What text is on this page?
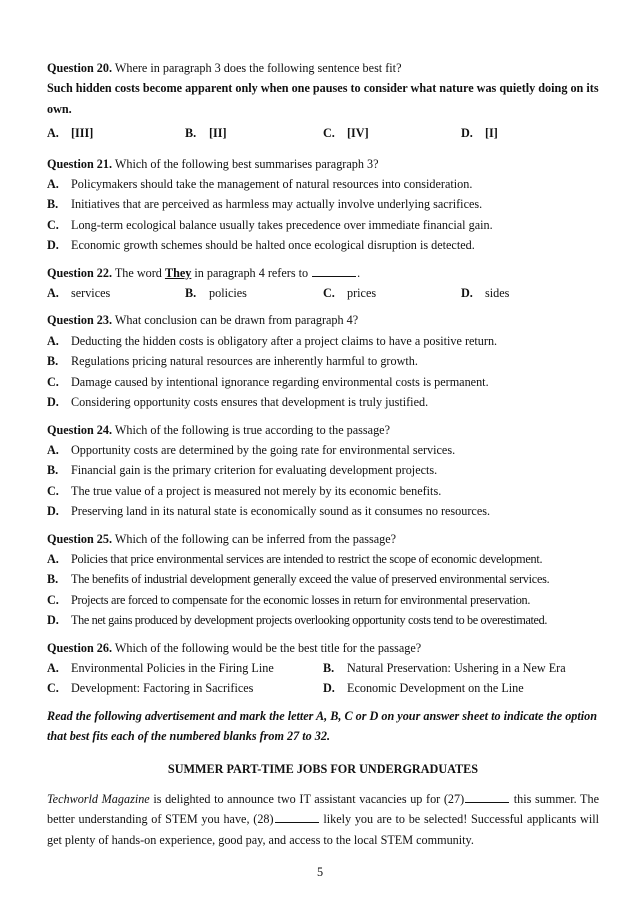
Question 20. Where in paragraph 3 does the following sentence best fit?
Such hidden costs become apparent only when one pauses to consider what nature was quietly doing on its own.
A. [III]	B.	[II]	C. [IV]	D. [I]
Question 21. Which of the following best summarises paragraph 3?
A. Policymakers should take the management of natural resources into consideration.
B.	Initiatives that are perceived as harmless may actually involve underlying sacrifices.
C. Long-term ecological balance usually takes precedence over immediate financial gain.
D. Economic growth schemes should be halted once ecological disruption is detected.
Question 22. The word They in paragraph 4 refers to	.
A. services	B.	policies	C. prices	D. sides
Question 23. What conclusion can be drawn from paragraph 4?
A. Deducting the hidden costs is obligatory after a project claims to have a positive return.
B.	Regulations pricing natural resources are inherently harmful to growth.
C. Damage caused by intentional ignorance regarding environmental costs is permanent.
D. Considering opportunity costs ensures that development is truly justified.
Question 24. Which of the following is true according to the passage?
A. Opportunity costs are determined by the going rate for environmental services.
B.	Financial gain is the primary criterion for evaluating development projects.
C. The true value of a project is measured not merely by its economic benefits.
D. Preserving land in its natural state is economically sound as it consumes no resources.
Question 25. Which of the following can be inferred from the passage?
A. Policies that price environmental services are intended to restrict the scope of economic development.
B.	The benefits of industrial development generally exceed the value of preserved environmental services.
C. Projects are forced to compensate for the economic losses in return for environmental preservation.
D. The net gains produced by development projects overlooking opportunity costs tend to be overestimated.
Question 26. Which of the following would be the best title for the passage?
A. Environmental Policies in the Firing Line	B.	Natural Preservation: Ushering in a New Era
C. Development: Factoring in Sacrifices	D. Economic Development on the Line
Read the following advertisement and mark the letter A, B, C or D on your answer sheet to indicate the option that best fits each of the numbered blanks from 27 to 32.
SUMMER PART-TIME JOBS FOR UNDERGRADUATES
Techworld Magazine is delighted to announce two IT assistant vacancies up for (27)	this summer. The better understanding of STEM you have, (28)	likely you are to be selected! Successful applicants will get plenty of hands-on experience, good pay, and access to the local STEM community.
5
